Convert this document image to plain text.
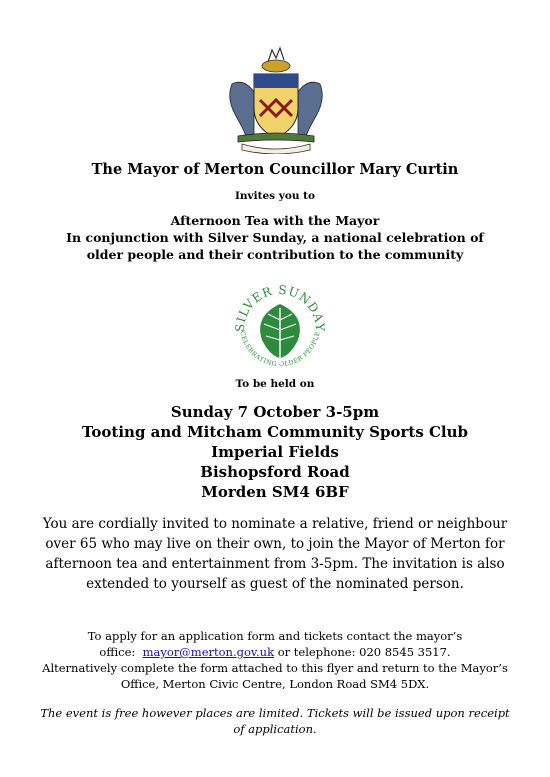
The Mayor of Merton Councillor Mary Curtin
Invites you to
Afternoon Tea with the Mayor
In conjunction with Silver Sunday, a national celebration of
older people and their contribution to the community
SILVER SUNDAY
CELEBRATING OLDER PEOPLE
To be held on
Sunday 7 October 3-5pm
Tooting and Mitcham Community Sports Club
Imperial Fields
Bishopsford Road
Morden SM4 6BF
You are cordially invited to nominate a relative, friend or neighbour over 65 who may live on their own, to join the Mayor of Merton for afternoon tea and entertainment from 3-5pm. The invitation is also extended to yourself as guest of the nominated person.
To apply for an application form and tickets contact the mayor’s
office: mayor@merton.gov.uk or telephone: 020 8545 3517.
Alternatively complete the form attached to this flyer and return to the Mayor’s Office, Merton Civic Centre, London Road SM4 5DX.
The event is free however places are limited. Tickets will be issued upon receipt of application.
